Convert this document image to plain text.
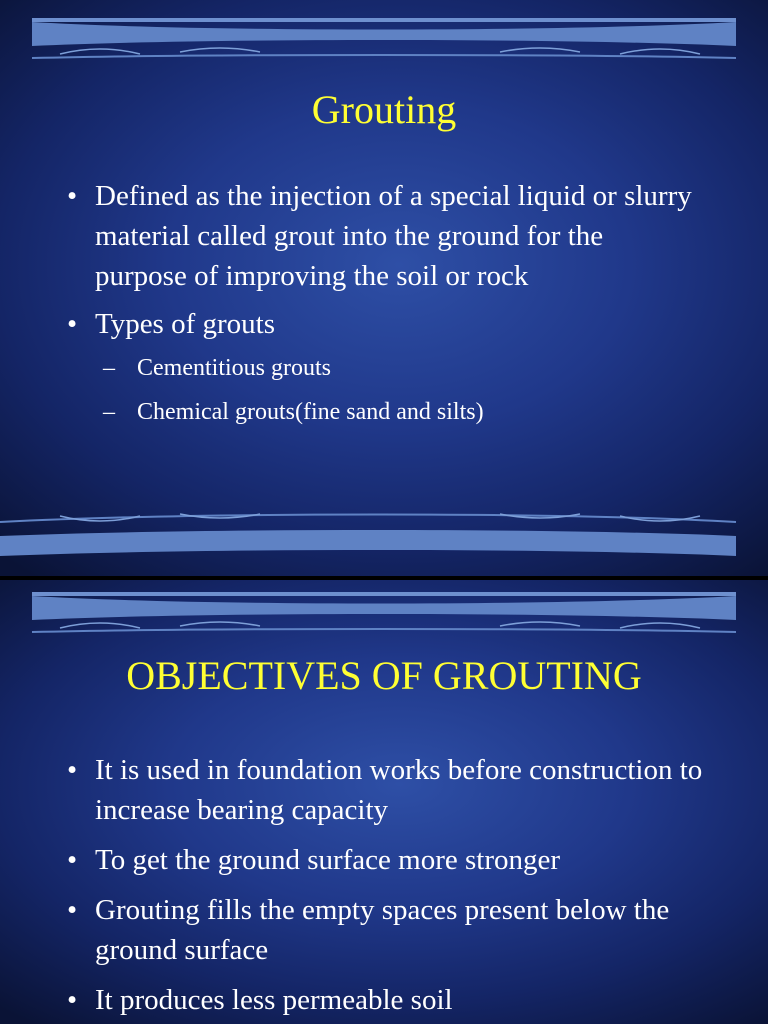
Grouting
• Defined as the injection of a special liquid or slurry material called grout into the ground for the purpose of improving the soil or rock
• Types of grouts
– Cementitious grouts
– Chemical grouts(fine sand and silts)
OBJECTIVES OF GROUTING
• It is used in foundation works before construction to increase bearing capacity
• To get the ground surface more stronger
• Grouting fills the empty spaces present below the ground surface
• It produces less permeable soil
